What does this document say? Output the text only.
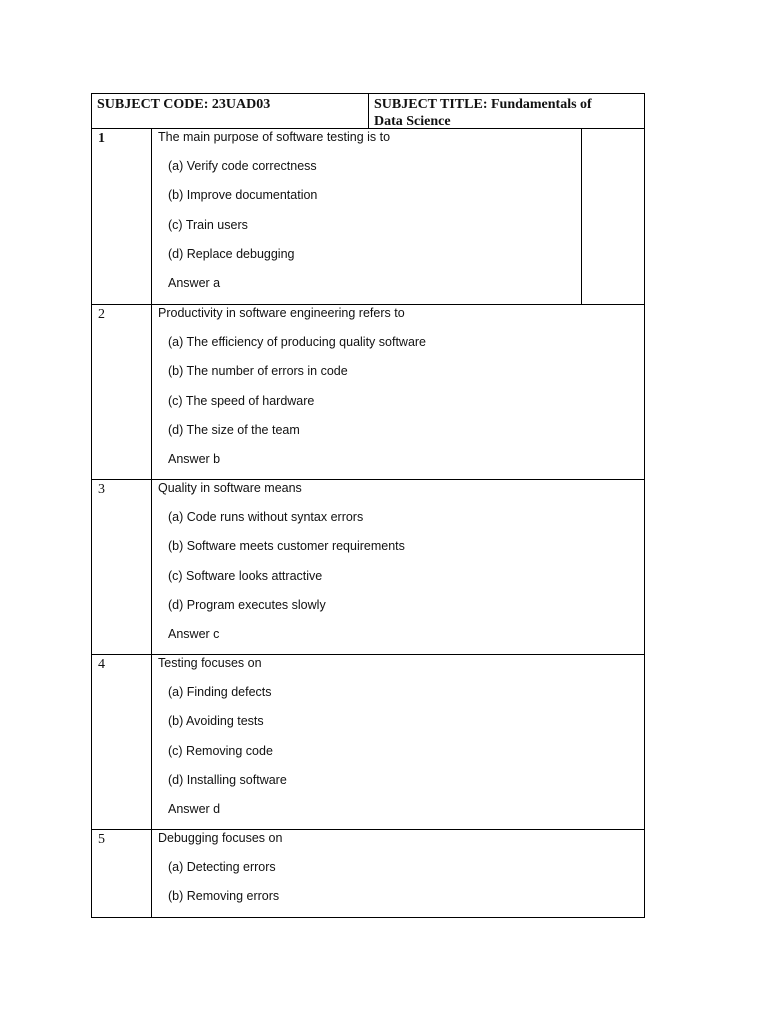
SUBJECT CODE: 23UAD03	SUBJECT TITLE: Fundamentals of
Data Science
1	The main purpose of software testing is to
(a) Verify code correctness
(b) Improve documentation
(c) Train users
(d) Replace debugging
Answer a
2	Productivity in software engineering refers to
(a) The efficiency of producing quality software
(b) The number of errors in code
(c) The speed of hardware
(d) The size of the team
Answer b
3	Quality in software means
(a) Code runs without syntax errors
(b) Software meets customer requirements
(c) Software looks attractive
(d) Program executes slowly
Answer c
4	Testing focuses on
(a) Finding defects
(b) Avoiding tests
(c) Removing code
(d) Installing software
Answer d
5	Debugging focuses on
(a) Detecting errors
(b) Removing errors
